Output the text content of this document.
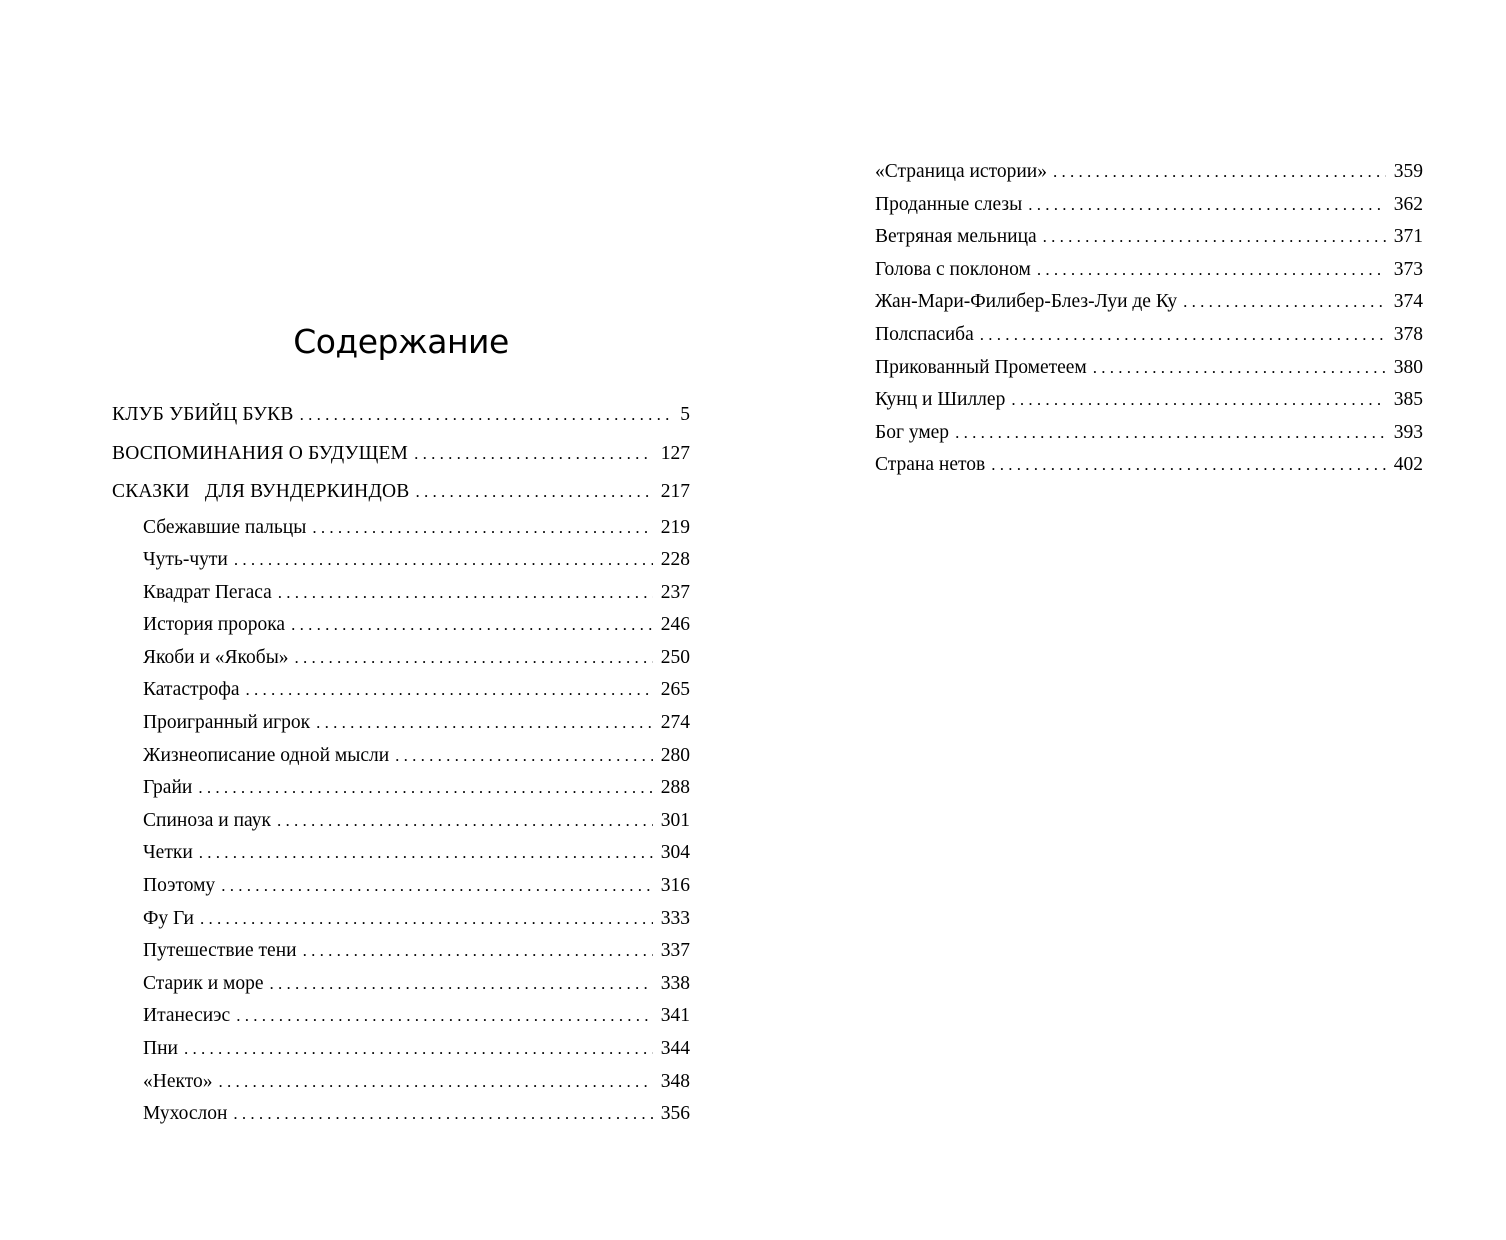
Содержание
КЛУБ УБИЙЦ БУКВ . . .	5
ВОСПОМИНАНИЯ О БУДУЩЕМ . . .	127
СКАЗКИ   ДЛЯ ВУНДЕРКИНДОВ . . .	217
Сбежавшие пальцы . . .	219
Чуть-чути . . .	228
Квадрат Пегаса . . .	237
История пророка . . .	246
Якоби и «Якобы» . . .	250
Катастрофа . . .	265
Проигранный игрок . . .	274
Жизнеописание одной мысли . . .	280
Грайи . . .	288
Спиноза и паук . . .	301
Четки . . .	304
Поэтому . . .	316
Фу Ги . . .	333
Путешествие тени . . .	337
Старик и море . . .	338
Итанесиэс . . .	341
Пни . . .	344
«Некто» . . .	348
Мухослон . . .	356
«Страница истории» . . .	359
Проданные слезы . . .	362
Ветряная мельница . . .	371
Голова с поклоном . . .	373
Жан-Мари-Филибер-Блез-Луи де Ку . . .	374
Полспасиба . . .	378
Прикованный Прометеем . . .	380
Кунц и Шиллер . . .	385
Бог умер . . .	393
Страна нетов . . .	402
